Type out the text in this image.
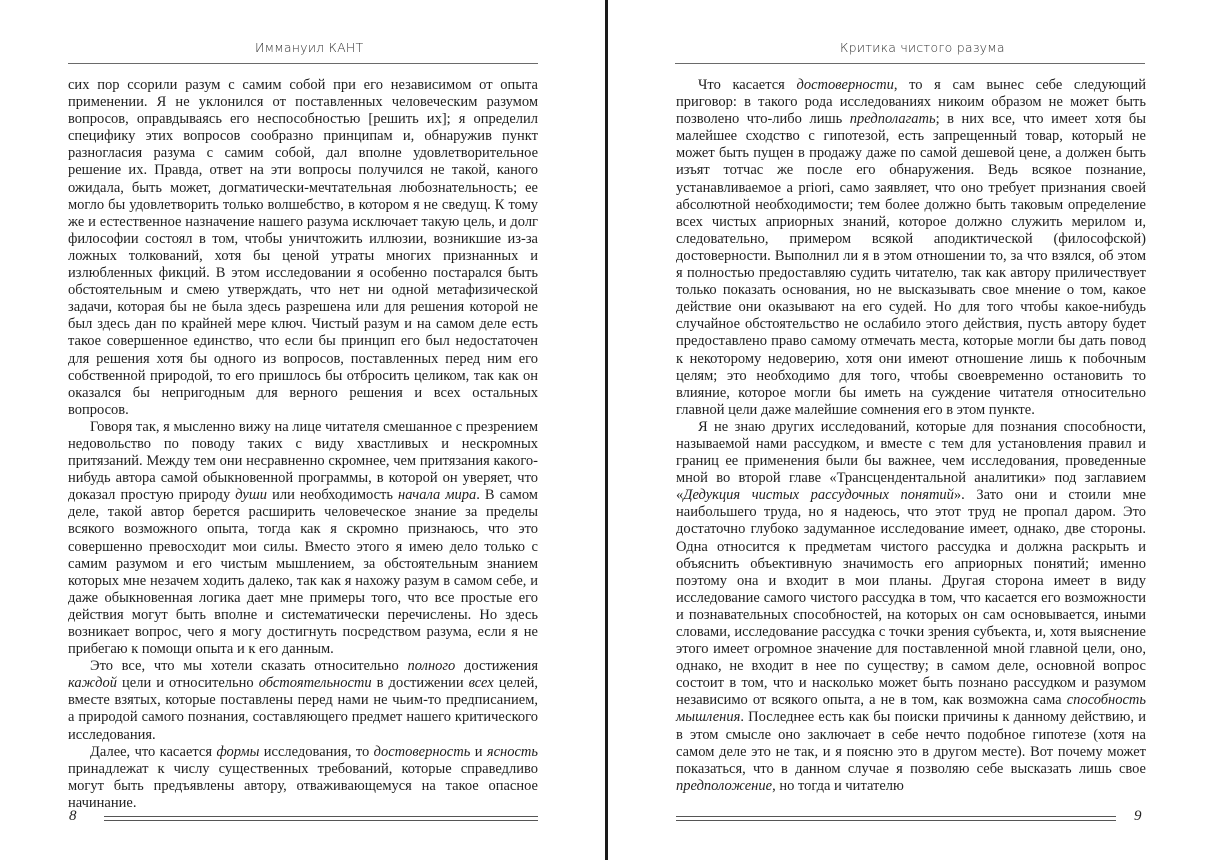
Иммануил КАНТ

сих пор ссорили разум с самим собой при его независимом от опыта применении. Я не уклонился от поставленных человеческим разумом вопросов, оправдываясь его неспособностью [решить их]; я определил специфику этих вопросов сообразно принципам и, обнаружив пункт разногласия разума с самим собой, дал вполне удовлетворительное решение их. Правда, ответ на эти вопросы получился не такой, каного ожидала, быть может, догматически-мечтательная любознательность; ее могло бы удовлетворить только волшебство, в котором я не сведущ. К тому же и естественное назначение нашего разума исключает такую цель, и долг философии состоял в том, чтобы уничтожить иллюзии, возникшие из-за ложных толкований, хотя бы ценой утраты многих признанных и излюбленных фикций. В этом исследовании я особенно постарался быть обстоятельным и смею утверждать, что нет ни одной метафизической задачи, которая бы не была здесь разрешена или для решения которой не был здесь дан по крайней мере ключ. Чистый разум и на самом деле есть такое совершенное единство, что если бы принцип его был недостаточен для решения хотя бы одного из вопросов, поставленных перед ним его собственной природой, то его пришлось бы отбросить целиком, так как он оказался бы непригодным для верного решения и всех остальных вопросов.

Говоря так, я мысленно вижу на лице читателя смешанное с презрением недовольство по поводу таких с виду хвастливых и нескромных притязаний. Между тем они несравненно скромнее, чем притязания какого-нибудь автора самой обыкновенной программы, в которой он уверяет, что доказал простую природу души или необходимость начала мира. В самом деле, такой автор берется расширить человеческое знание за пределы всякого возможного опыта, тогда как я скромно признаюсь, что это совершенно превосходит мои силы. Вместо этого я имею дело только с самим разумом и его чистым мышлением, за обстоятельным знанием которых мне незачем ходить далеко, так как я нахожу разум в самом себе, и даже обыкновенная логика дает мне примеры того, что все простые его действия могут быть вполне и систематически перечислены. Но здесь возникает вопрос, чего я могу достигнуть посредством разума, если я не прибегаю к помощи опыта и к его данным.

Это все, что мы хотели сказать относительно полного достижения каждой цели и относительно обстоятельности в достижении всех целей, вместе взятых, которые поставлены перед нами не чьим-то предписанием, а природой самого познания, составляющего предмет нашего критического исследования.

Далее, что касается формы исследования, то достоверность и ясность принадлежат к числу существенных требований, которые справедливо могут быть предъявлены автору, отваживающемуся на такое опасное начинание.

8
Критика чистого разума

Что касается достоверности, то я сам вынес себе следующий приговор: в такого рода исследованиях никоим образом не может быть позволено что-либо лишь предполагать; в них все, что имеет хотя бы малейшее сходство с гипотезой, есть запрещенный товар, который не может быть пущен в продажу даже по самой дешевой цене, а должен быть изъят тотчас же после его обнаружения. Ведь всякое познание, устанавливаемое a priori, само заявляет, что оно требует признания своей абсолютной необходимости; тем более должно быть таковым определение всех чистых априорных знаний, которое должно служить мерилом и, следовательно, примером всякой аподиктической (философской) достоверности. Выполнил ли я в этом отношении то, за что взялся, об этом я полностью предоставляю судить читателю, так как автору приличествует только показать основания, но не высказывать свое мнение о том, какое действие они оказывают на его судей. Но для того чтобы какое-нибудь случайное обстоятельство не ослабило этого действия, пусть автору будет предоставлено право самому отмечать места, которые могли бы дать повод к некоторому недоверию, хотя они имеют отношение лишь к побочным целям; это необходимо для того, чтобы своевременно остановить то влияние, которое могли бы иметь на суждение читателя относительно главной цели даже малейшие сомнения его в этом пункте.

Я не знаю других исследований, которые для познания способности, называемой нами рассудком, и вместе с тем для установления правил и границ ее применения были бы важнее, чем исследования, проведенные мной во второй главе «Трансцендентальной аналитики» под заглавием «Дедукция чистых рассудочных понятий». Зато они и стоили мне наибольшего труда, но я надеюсь, что этот труд не пропал даром. Это достаточно глубоко задуманное исследование имеет, однако, две стороны. Одна относится к предметам чистого рассудка и должна раскрыть и объяснить объективную значимость его априорных понятий; именно поэтому она и входит в мои планы. Другая сторона имеет в виду исследование самого чистого рассудка в том, что касается его возможности и познавательных способностей, на которых он сам основывается, иными словами, исследование рассудка с точки зрения субъекта, и, хотя выяснение этого имеет огромное значение для поставленной мной главной цели, оно, однако, не входит в нее по существу; в самом деле, основной вопрос состоит в том, что и насколько может быть познано рассудком и разумом независимо от всякого опыта, а не в том, как возможна сама способность мышления. Последнее есть как бы поиски причины к данному действию, и в этом смысле оно заключает в себе нечто подобное гипотезе (хотя на самом деле это не так, и я поясню это в другом месте). Вот почему может показаться, что в данном случае я позволяю себе высказать лишь свое предположение, но тогда и читателю

9
